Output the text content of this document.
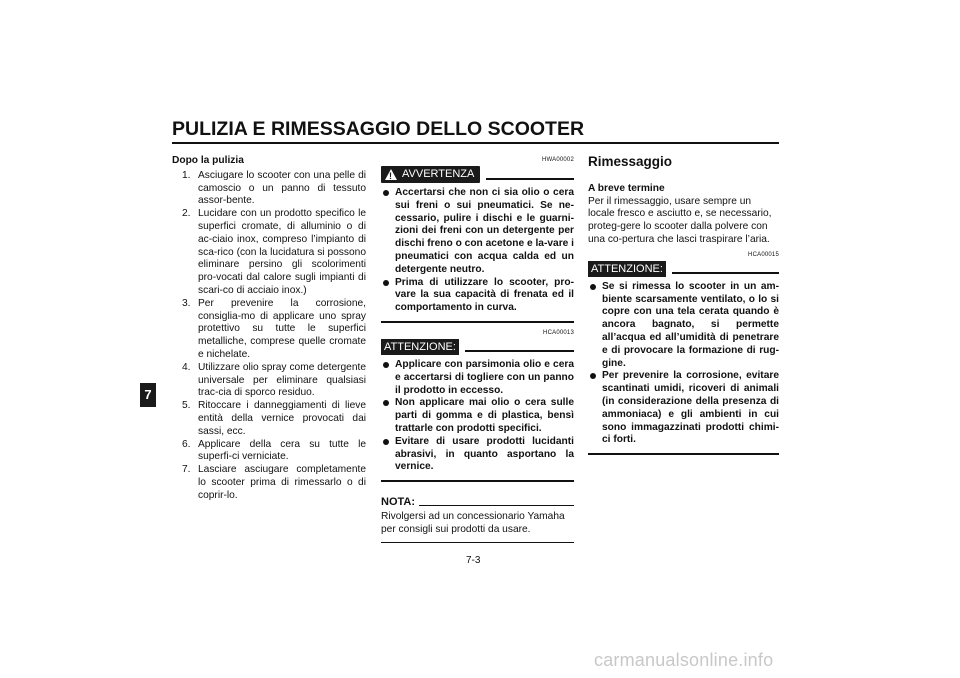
PULIZIA E RIMESSAGGIO DELLO SCOOTER
7
Dopo la pulizia
1. Asciugare lo scooter con una pelle di camoscio o un panno di tessuto assor-bente.
2. Lucidare con un prodotto specifico le superfici cromate, di alluminio o di ac-ciaio inox, compreso l’impianto di sca-rico (con la lucidatura si possono eliminare persino gli scolorimenti pro-vocati dal calore sugli impianti di scari-co di acciaio inox.)
3. Per prevenire la corrosione, consiglia-mo di applicare uno spray protettivo su tutte le superfici metalliche, comprese quelle cromate e nichelate.
4. Utilizzare olio spray come detergente universale per eliminare qualsiasi trac-cia di sporco residuo.
5. Ritoccare i danneggiamenti di lieve entità della vernice provocati dai sassi, ecc.
6. Applicare della cera su tutte le superfi-ci verniciate.
7. Lasciare asciugare completamente lo scooter prima di rimessarlo o di coprir-lo.
HWA00002
!
AVVERTENZA
Accertarsi che non ci sia olio o cera sui freni o sui pneumatici. Se ne-cessario, pulire i dischi e le guarni-zioni dei freni con un detergente per dischi freno o con acetone e la-vare i pneumatici con acqua calda ed un detergente neutro.
Prima di utilizzare lo scooter, pro-vare la sua capacità di frenata ed il comportamento in curva.
HCA00013
ATTENZIONE:
Applicare con parsimonia olio e cera e accertarsi di togliere con un panno il prodotto in eccesso.
Non applicare mai olio o cera sulle parti di gomma e di plastica, bensì trattarle con prodotti specifici.
Evitare di usare prodotti lucidanti abrasivi, in quanto asportano la vernice.
NOTA:
Rivolgersi ad un concessionario Yamaha per consigli sui prodotti da usare.
Rimessaggio
A breve termine
Per il rimessaggio, usare sempre un locale fresco e asciutto e, se necessario, proteg-gere lo scooter dalla polvere con una co-pertura che lasci traspirare l’aria.
HCA00015
ATTENZIONE:
Se si rimessa lo scooter in un am-biente scarsamente ventilato, o lo si copre con una tela cerata quando è ancora bagnato, si permette all’acqua ed all’umidità di penetrare e di provocare la formazione di rug-gine.
Per prevenire la corrosione, evitare scantinati umidi, ricoveri di animali (in considerazione della presenza di ammoniaca) e gli ambienti in cui sono immagazzinati prodotti chimi-ci forti.
7-3
carmanualsonline.info
